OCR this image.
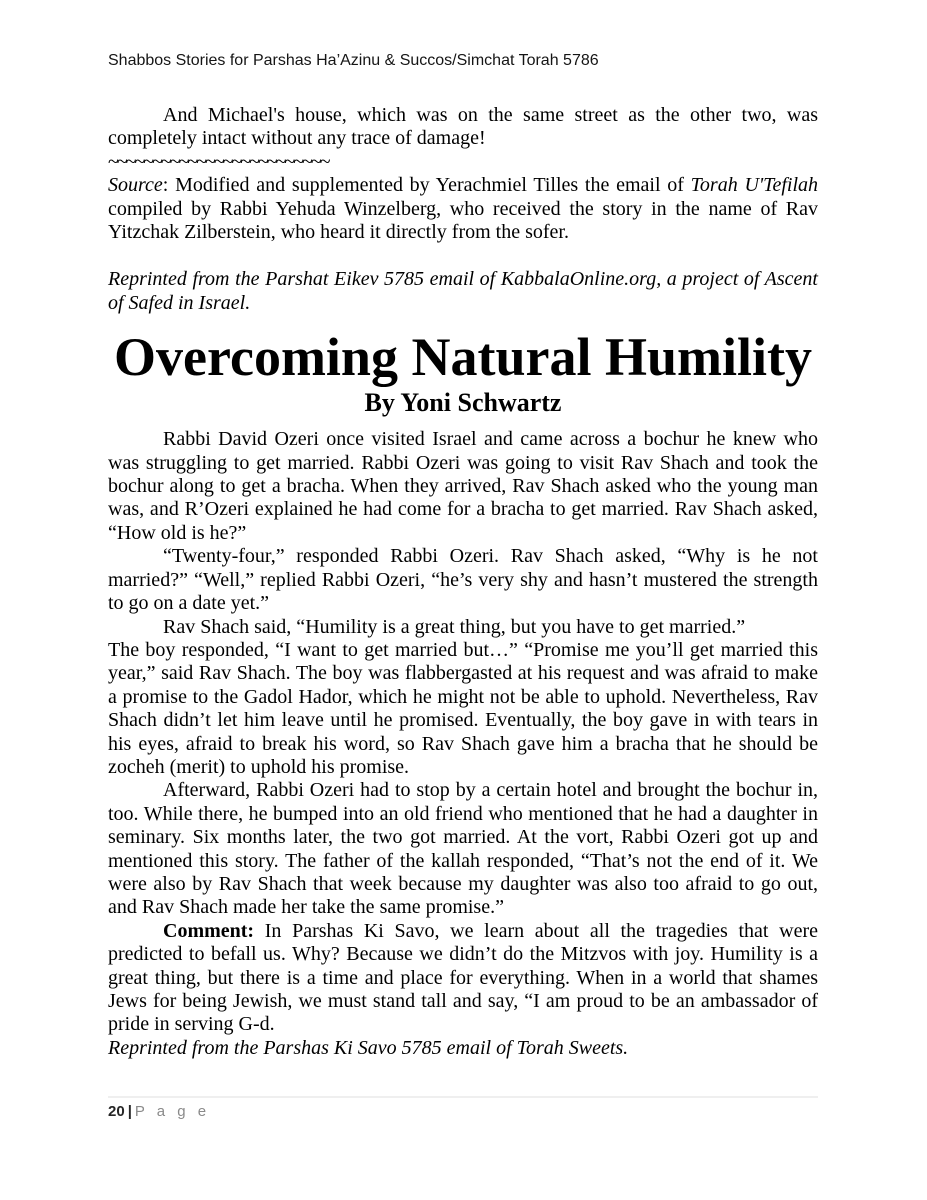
Shabbos Stories for Parshas Ha’Azinu & Succos/Simchat Torah 5786

And Michael's house, which was on the same street as the other two, was completely intact without any trace of damage!

~~~~~~~~~~~~~~~~~~~~~~~~~

Source: Modified and supplemented by Yerachmiel Tilles the email of Torah U'Tefilah compiled by Rabbi Yehuda Winzelberg, who received the story in the name of Rav Yitzchak Zilberstein, who heard it directly from the sofer.

Reprinted from the Parshat Eikev 5785 email of KabbalaOnline.org, a project of Ascent of Safed in Israel.

Overcoming Natural Humility
By Yoni Schwartz

Rabbi David Ozeri once visited Israel and came across a bochur he knew who was struggling to get married. Rabbi Ozeri was going to visit Rav Shach and took the bochur along to get a bracha. When they arrived, Rav Shach asked who the young man was, and R’Ozeri explained he had come for a bracha to get married. Rav Shach asked, “How old is he?”

“Twenty-four,” responded Rabbi Ozeri. Rav Shach asked, “Why is he not married?” “Well,” replied Rabbi Ozeri, “he’s very shy and hasn’t mustered the strength to go on a date yet.”

Rav Shach said, “Humility is a great thing, but you have to get married.”

The boy responded, “I want to get married but…” “Promise me you’ll get married this year,” said Rav Shach. The boy was flabbergasted at his request and was afraid to make a promise to the Gadol Hador, which he might not be able to uphold. Nevertheless, Rav Shach didn’t let him leave until he promised. Eventually, the boy gave in with tears in his eyes, afraid to break his word, so Rav Shach gave him a bracha that he should be zocheh (merit) to uphold his promise.

Afterward, Rabbi Ozeri had to stop by a certain hotel and brought the bochur in, too. While there, he bumped into an old friend who mentioned that he had a daughter in seminary. Six months later, the two got married. At the vort, Rabbi Ozeri got up and mentioned this story. The father of the kallah responded, “That’s not the end of it. We were also by Rav Shach that week because my daughter was also too afraid to go out, and Rav Shach made her take the same promise.”

Comment: In Parshas Ki Savo, we learn about all the tragedies that were predicted to befall us. Why? Because we didn’t do the Mitzvos with joy. Humility is a great thing, but there is a time and place for everything. When in a world that shames Jews for being Jewish, we must stand tall and say, “I am proud to be an ambassador of pride in serving G-d.

Reprinted from the Parshas Ki Savo 5785 email of Torah Sweets.

20 | P a g e
